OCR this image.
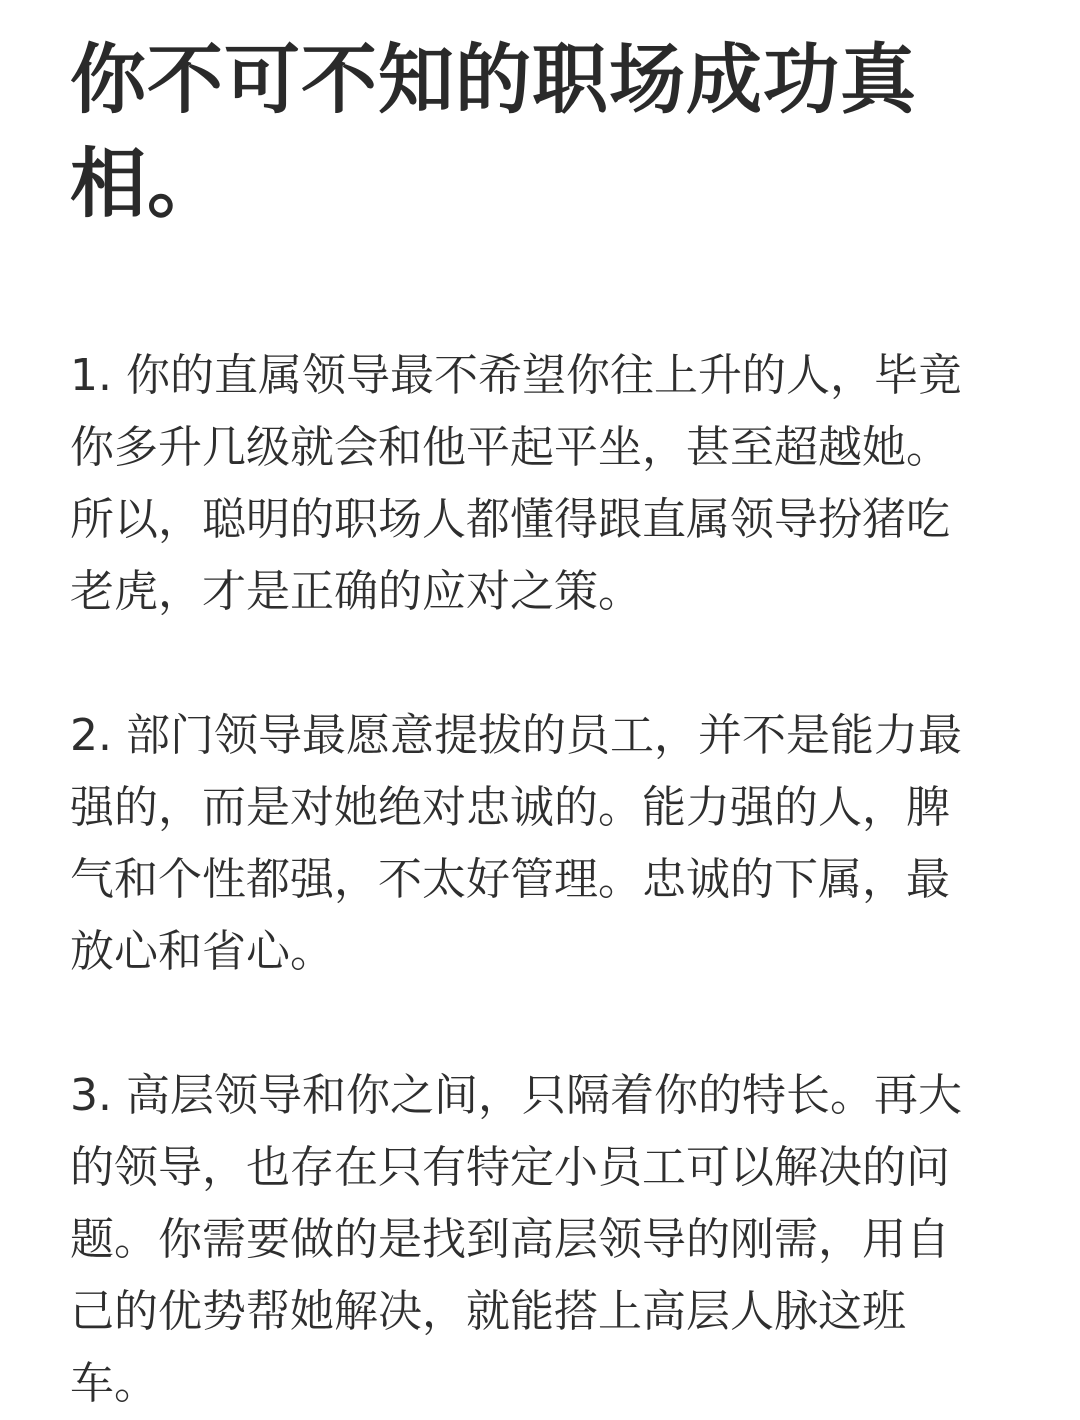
你不可不知的职场成功真相。

1. 你的直属领导最不希望你往上升的人，毕竟你多升几级就会和他平起平坐，甚至超越她。所以，聪明的职场人都懂得跟直属领导扮猪吃老虎，才是正确的应对之策。

2. 部门领导最愿意提拔的员工，并不是能力最强的，而是对她绝对忠诚的。能力强的人，脾气和个性都强，不太好管理。忠诚的下属，最放心和省心。

3. 高层领导和你之间，只隔着你的特长。再大的领导，也存在只有特定小员工可以解决的问题。你需要做的是找到高层领导的刚需，用自己的优势帮她解决，就能搭上高层人脉这班车。
